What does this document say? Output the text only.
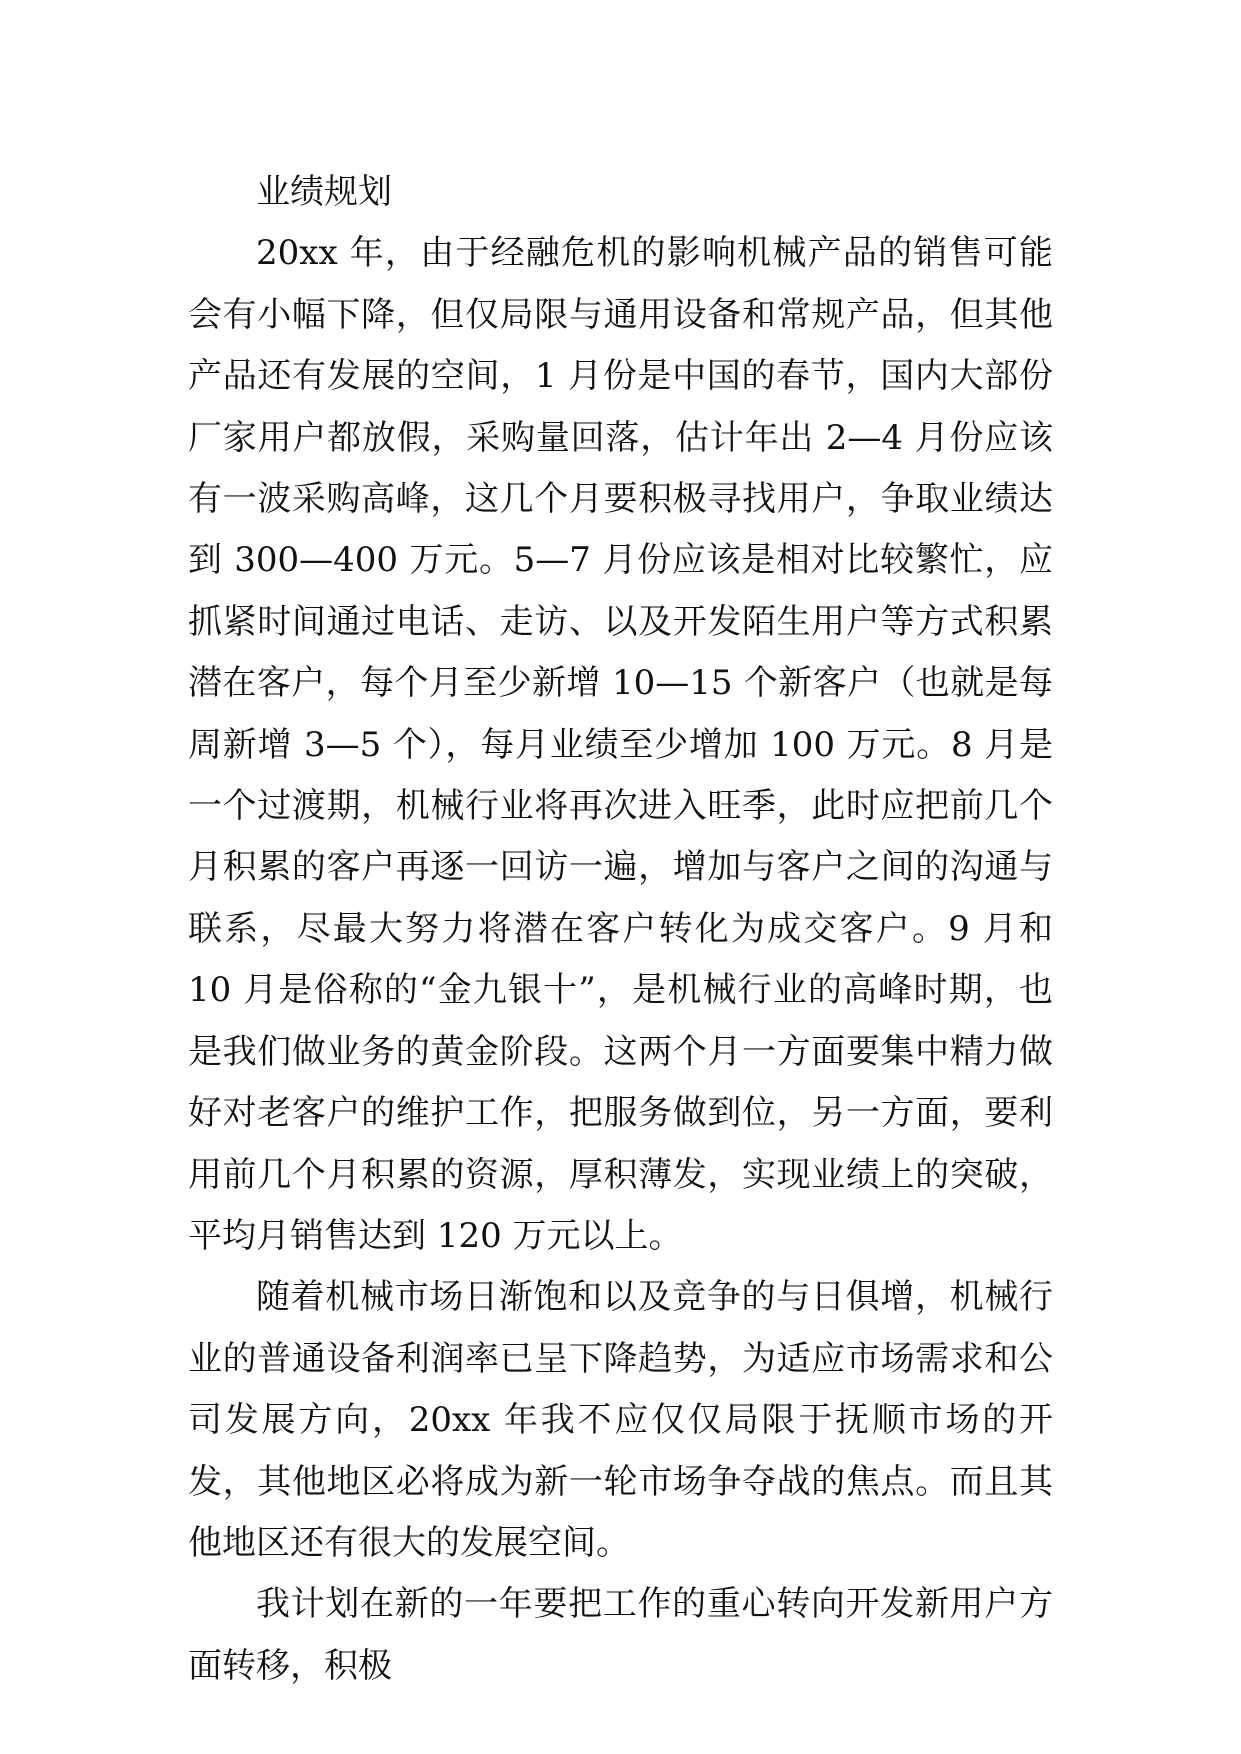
业绩规划

20xx 年，由于经融危机的影响机械产品的销售可能会有小幅下降，但仅局限与通用设备和常规产品，但其他产品还有发展的空间，1 月份是中国的春节，国内大部份厂家用户都放假，采购量回落，估计年出 2—4 月份应该有一波采购高峰，这几个月要积极寻找用户，争取业绩达到 300—400 万元。5—7 月份应该是相对比较繁忙，应抓紧时间通过电话、走访、以及开发陌生用户等方式积累潜在客户，每个月至少新增 10—15 个新客户（也就是每周新增 3—5 个），每月业绩至少增加 100 万元。8 月是一个过渡期，机械行业将再次进入旺季，此时应把前几个月积累的客户再逐一回访一遍，增加与客户之间的沟通与联系，尽最大努力将潜在客户转化为成交客户。9 月和 10 月是俗称的“金九银十”，是机械行业的高峰时期，也是我们做业务的黄金阶段。这两个月一方面要集中精力做好对老客户的维护工作，把服务做到位，另一方面，要利用前几个月积累的资源，厚积薄发，实现业绩上的突破，平均月销售达到 120 万元以上。

随着机械市场日渐饱和以及竞争的与日俱增，机械行业的普通设备利润率已呈下降趋势，为适应市场需求和公司发展方向，20xx 年我不应仅仅局限于抚顺市场的开发，其他地区必将成为新一轮市场争夺战的焦点。而且其他地区还有很大的发展空间。

我计划在新的一年要把工作的重心转向开发新用户方面转移，积极
